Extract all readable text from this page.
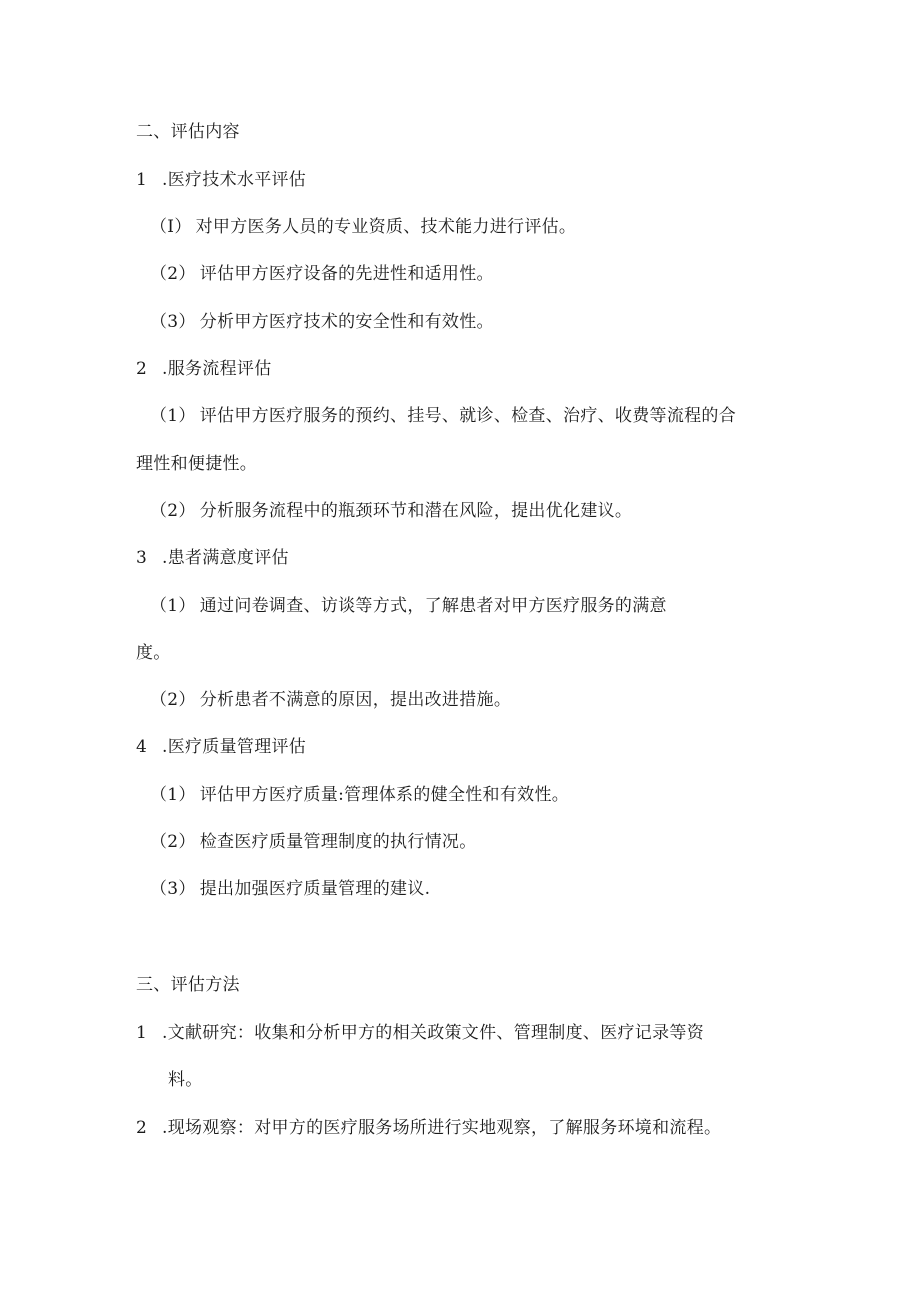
二、评估内容
1 .医疗技术水平评估
（I） 对甲方医务人员的专业资质、技术能力进行评估。
（2） 评估甲方医疗设备的先进性和适用性。
（3） 分析甲方医疗技术的安全性和有效性。
2 .服务流程评估
（1） 评估甲方医疗服务的预约、挂号、就诊、检查、治疗、收费等流程的合
理性和便捷性。
（2） 分析服务流程中的瓶颈环节和潜在风险，提出优化建议。
3 .患者满意度评估
（1） 通过问卷调查、访谈等方式，了解患者对甲方医疗服务的满意
度。
（2） 分析患者不满意的原因，提出改进措施。
4 .医疗质量管理评估
（1） 评估甲方医疗质量:管理体系的健全性和有效性。
（2） 检查医疗质量管理制度的执行情况。
（3） 提出加强医疗质量管理的建议.
三、评估方法
1 .文献研究：收集和分析甲方的相关政策文件、管理制度、医疗记录等资
料。
2 .现场观察：对甲方的医疗服务场所进行实地观察，了解服务环境和流程。
